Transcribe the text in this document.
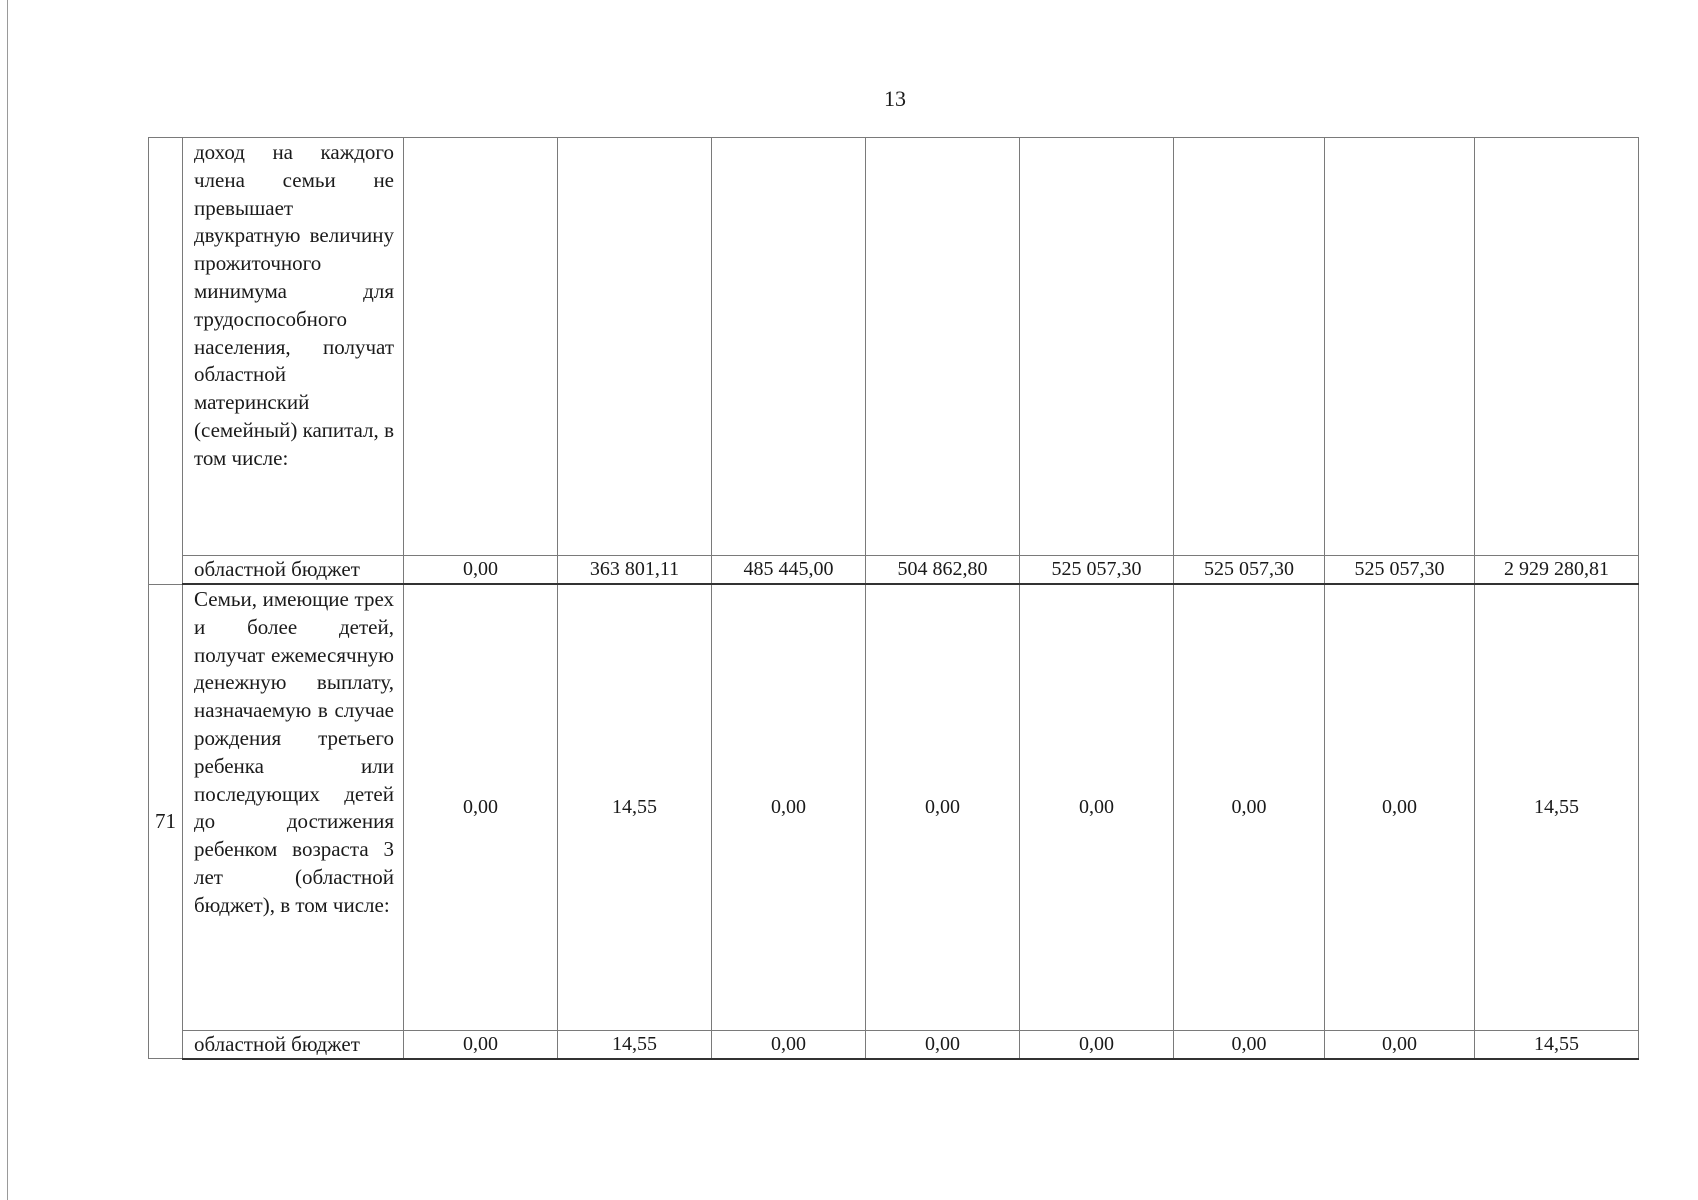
13
	доход на каждого члена семьи не превышает двукратную величину прожиточного минимума для трудоспособного населения, получат областной материнский (семейный) капитал, в том числе:								
	областной бюджет	0,00	363 801,11	485 445,00	504 862,80	525 057,30	525 057,30	525 057,30	2 929 280,81
71	Семьи, имеющие трех и более детей, получат ежемесячную денежную выплату, назначаемую в случае рождения третьего ребенка или последующих детей до достижения ребенком возраста 3 лет (областной бюджет), в том числе:	0,00	14,55	0,00	0,00	0,00	0,00	0,00	14,55
	областной бюджет	0,00	14,55	0,00	0,00	0,00	0,00	0,00	14,55
